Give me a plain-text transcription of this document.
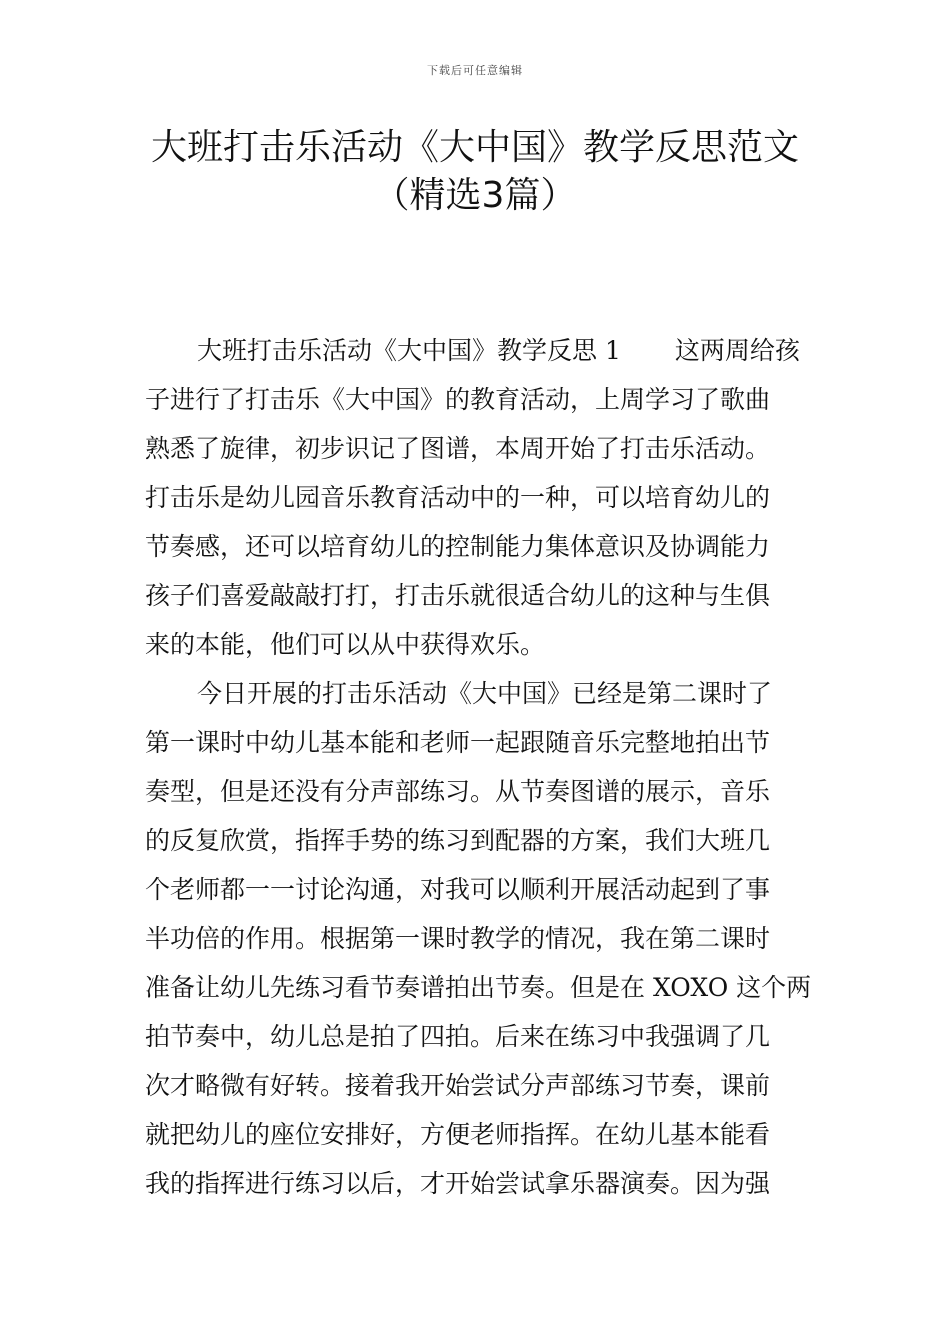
下载后可任意编辑
大班打击乐活动《大中国》教学反思范文
（精选3篇）
大班打击乐活动《大中国》教学反思 1 这两周给孩
子进行了打击乐《大中国》的教育活动，上周学习了歌曲
熟悉了旋律，初步识记了图谱，本周开始了打击乐活动。
打击乐是幼儿园音乐教育活动中的一种，可以培育幼儿的
节奏感，还可以培育幼儿的控制能力集体意识及协调能力
孩子们喜爱敲敲打打，打击乐就很适合幼儿的这种与生俱
来的本能，他们可以从中获得欢乐。
今日开展的打击乐活动《大中国》已经是第二课时了
第一课时中幼儿基本能和老师一起跟随音乐完整地拍出节
奏型，但是还没有分声部练习。从节奏图谱的展示，音乐
的反复欣赏，指挥手势的练习到配器的方案，我们大班几
个老师都一一讨论沟通，对我可以顺利开展活动起到了事
半功倍的作用。根据第一课时教学的情况，我在第二课时
准备让幼儿先练习看节奏谱拍出节奏。但是在 XOXO 这个两
拍节奏中，幼儿总是拍了四拍。后来在练习中我强调了几
次才略微有好转。接着我开始尝试分声部练习节奏，课前
就把幼儿的座位安排好，方便老师指挥。在幼儿基本能看
我的指挥进行练习以后，才开始尝试拿乐器演奏。因为强
